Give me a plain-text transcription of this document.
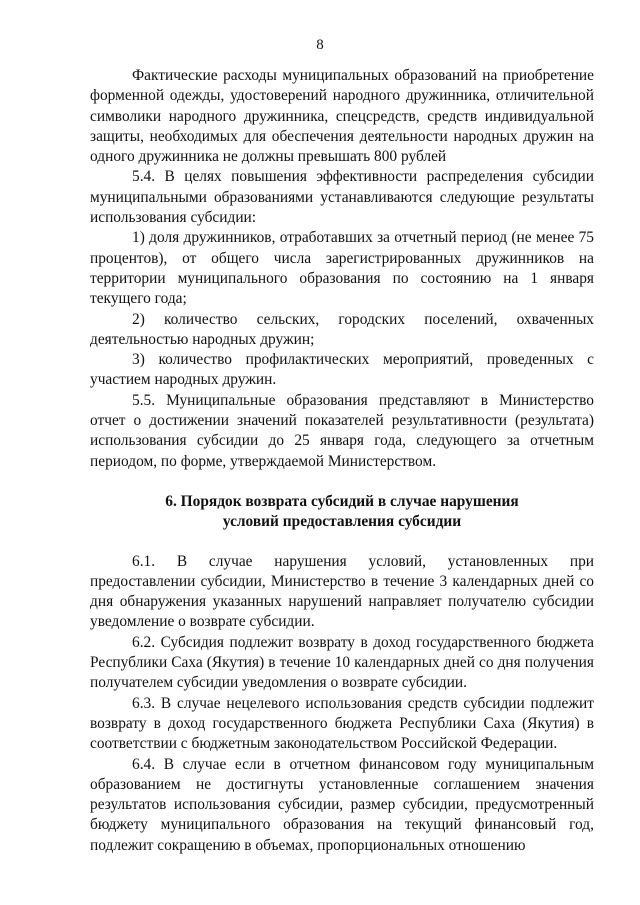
8

Фактические расходы муниципальных образований на приобретение форменной одежды, удостоверений народного дружинника, отличительной символики народного дружинника, спецсредств, средств индивидуальной защиты, необходимых для обеспечения деятельности народных дружин на одного дружинника не должны превышать 800 рублей

5.4. В целях повышения эффективности распределения субсидии муниципальными образованиями устанавливаются следующие результаты использования субсидии:

1) доля дружинников, отработавших за отчетный период (не менее 75 процентов), от общего числа зарегистрированных дружинников на территории муниципального образования по состоянию на 1 января текущего года;

2) количество сельских, городских поселений, охваченных деятельностью народных дружин;

3) количество профилактических мероприятий, проведенных с участием народных дружин.

5.5. Муниципальные образования представляют в Министерство отчет о достижении значений показателей результативности (результата) использования субсидии до 25 января года, следующего за отчетным периодом, по форме, утверждаемой Министерством.

6. Порядок возврата субсидий в случае нарушения
условий предоставления субсидии

6.1. В случае нарушения условий, установленных при предоставлении субсидии, Министерство в течение 3 календарных дней со дня обнаружения указанных нарушений направляет получателю субсидии уведомление о возврате субсидии.

6.2. Субсидия подлежит возврату в доход государственного бюджета Республики Саха (Якутия) в течение 10 календарных дней со дня получения получателем субсидии уведомления о возврате субсидии.

6.3. В случае нецелевого использования средств субсидии подлежит возврату в доход государственного бюджета Республики Саха (Якутия) в соответствии с бюджетным законодательством Российской Федерации.

6.4. В случае если в отчетном финансовом году муниципальным образованием не достигнуты установленные соглашением значения результатов использования субсидии, размер субсидии, предусмотренный бюджету муниципального образования на текущий финансовый год, подлежит сокращению в объемах, пропорциональных отношению
